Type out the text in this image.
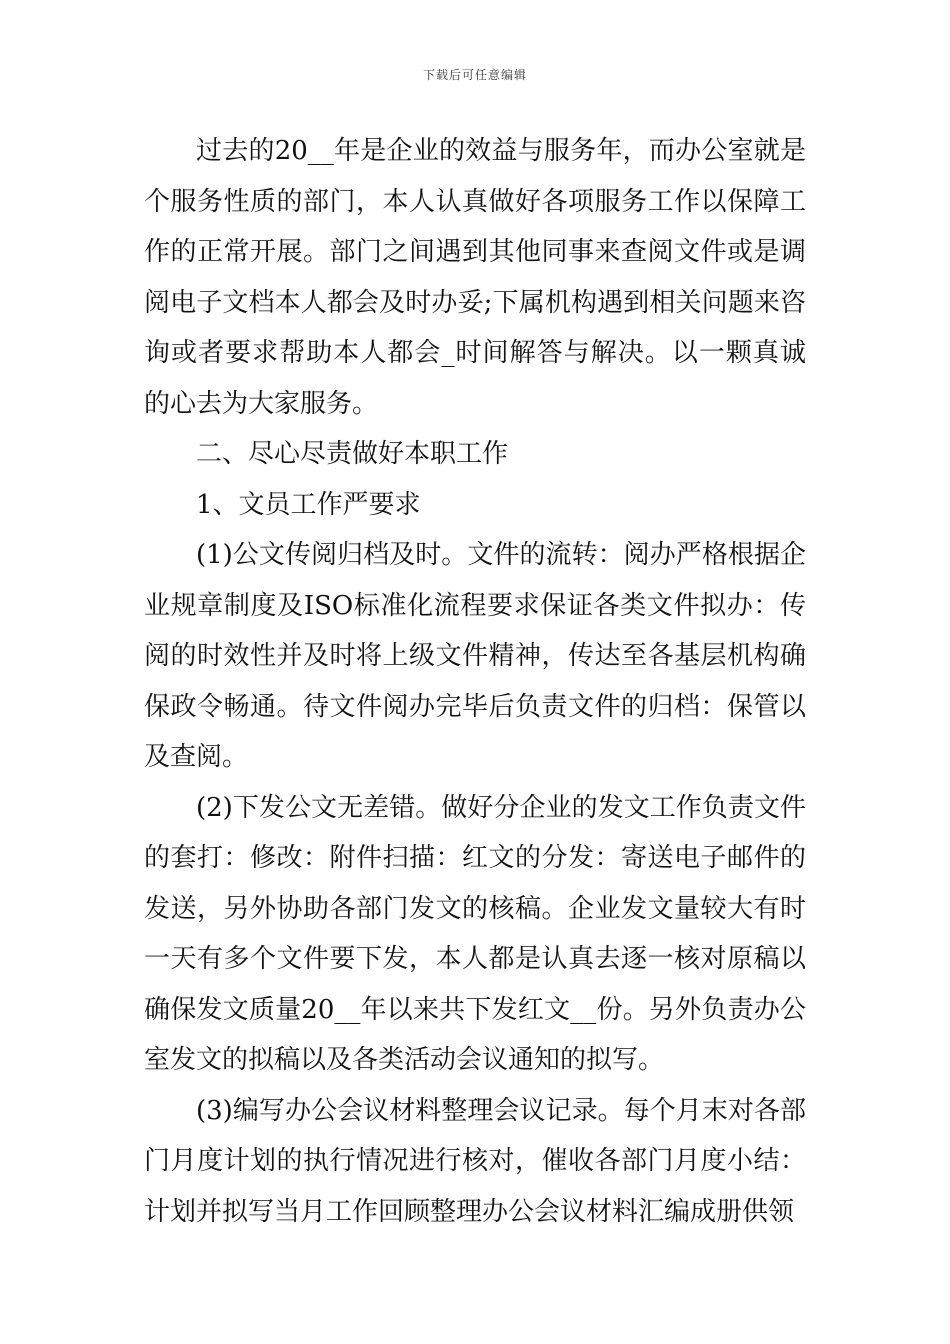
下载后可任意编辑

过去的20__年是企业的效益与服务年，而办公室就是个服务性质的部门，本人认真做好各项服务工作以保障工作的正常开展。部门之间遇到其他同事来查阅文件或是调阅电子文档本人都会及时办妥;下属机构遇到相关问题来咨询或者要求帮助本人都会_时间解答与解决。以一颗真诚的心去为大家服务。

二、尽心尽责做好本职工作

1、文员工作严要求

(1)公文传阅归档及时。文件的流转：阅办严格根据企业规章制度及ISO标准化流程要求保证各类文件拟办：传阅的时效性并及时将上级文件精神，传达至各基层机构确保政令畅通。待文件阅办完毕后负责文件的归档：保管以及查阅。

(2)下发公文无差错。做好分企业的发文工作负责文件的套打：修改：附件扫描：红文的分发：寄送电子邮件的发送，另外协助各部门发文的核稿。企业发文量较大有时一天有多个文件要下发，本人都是认真去逐一核对原稿以确保发文质量20__年以来共下发红文__份。另外负责办公室发文的拟稿以及各类活动会议通知的拟写。

(3)编写办公会议材料整理会议记录。每个月末对各部门月度计划的执行情况进行核对，催收各部门月度小结：计划并拟写当月工作回顾整理办公会议材料汇编成册供领
